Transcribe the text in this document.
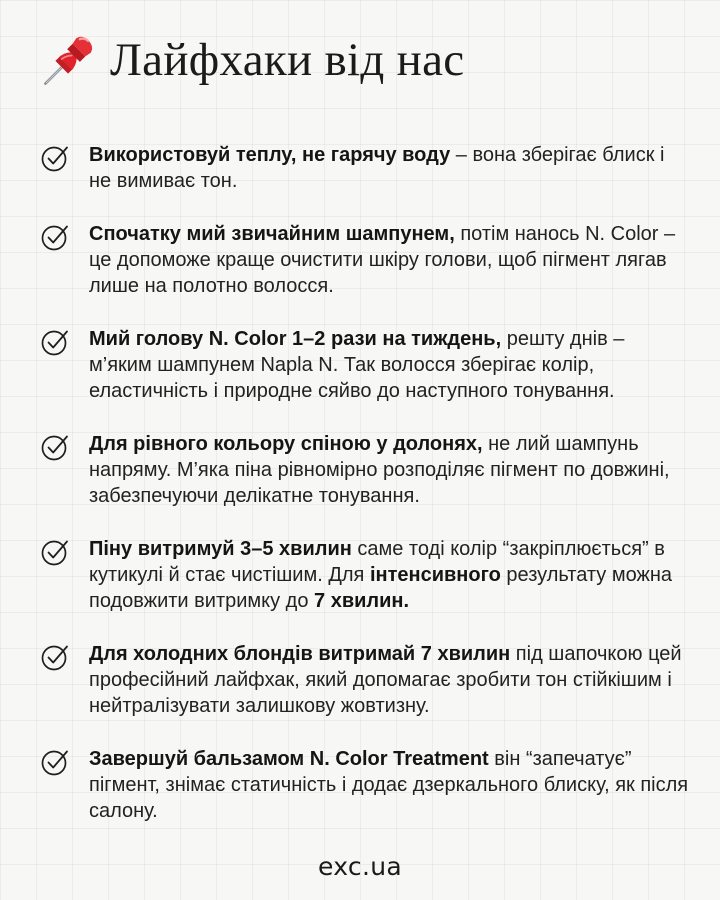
Лайфхаки від нас
Використовуй теплу, не гарячу воду – вона зберігає блиск і не вимиває тон.
Спочатку мий звичайним шампунем, потім нанось N. Color – це допоможе краще очистити шкіру голови, щоб пігмент лягав лише на полотно волосся.
Мий голову N. Color 1–2 рази на тиждень, решту днів – м’яким шампунем Napla N. Так волосся зберігає колір, еластичність і природне сяйво до наступного тонування.
Для рівного кольору спіною у долонях, не лий шампунь напряму. М’яка піна рівномірно розподіляє пігмент по довжині, забезпечуючи делікатне тонування.
Піну витримуй 3–5 хвилин саме тоді колір “закріплюється” в кутикулі й стає чистішим. Для інтенсивного результату можна подовжити витримку до 7 хвилин.
Для холодних блондів витримай 7 хвилин під шапочкою цей професійний лайфхак, який допомагає зробити тон стійкішим і нейтралізувати залишкову жовтизну.
Завершуй бальзамом N. Color Treatment він “запечатує” пігмент, знімає статичність і додає дзеркального блиску, як після салону.
exc.ua
